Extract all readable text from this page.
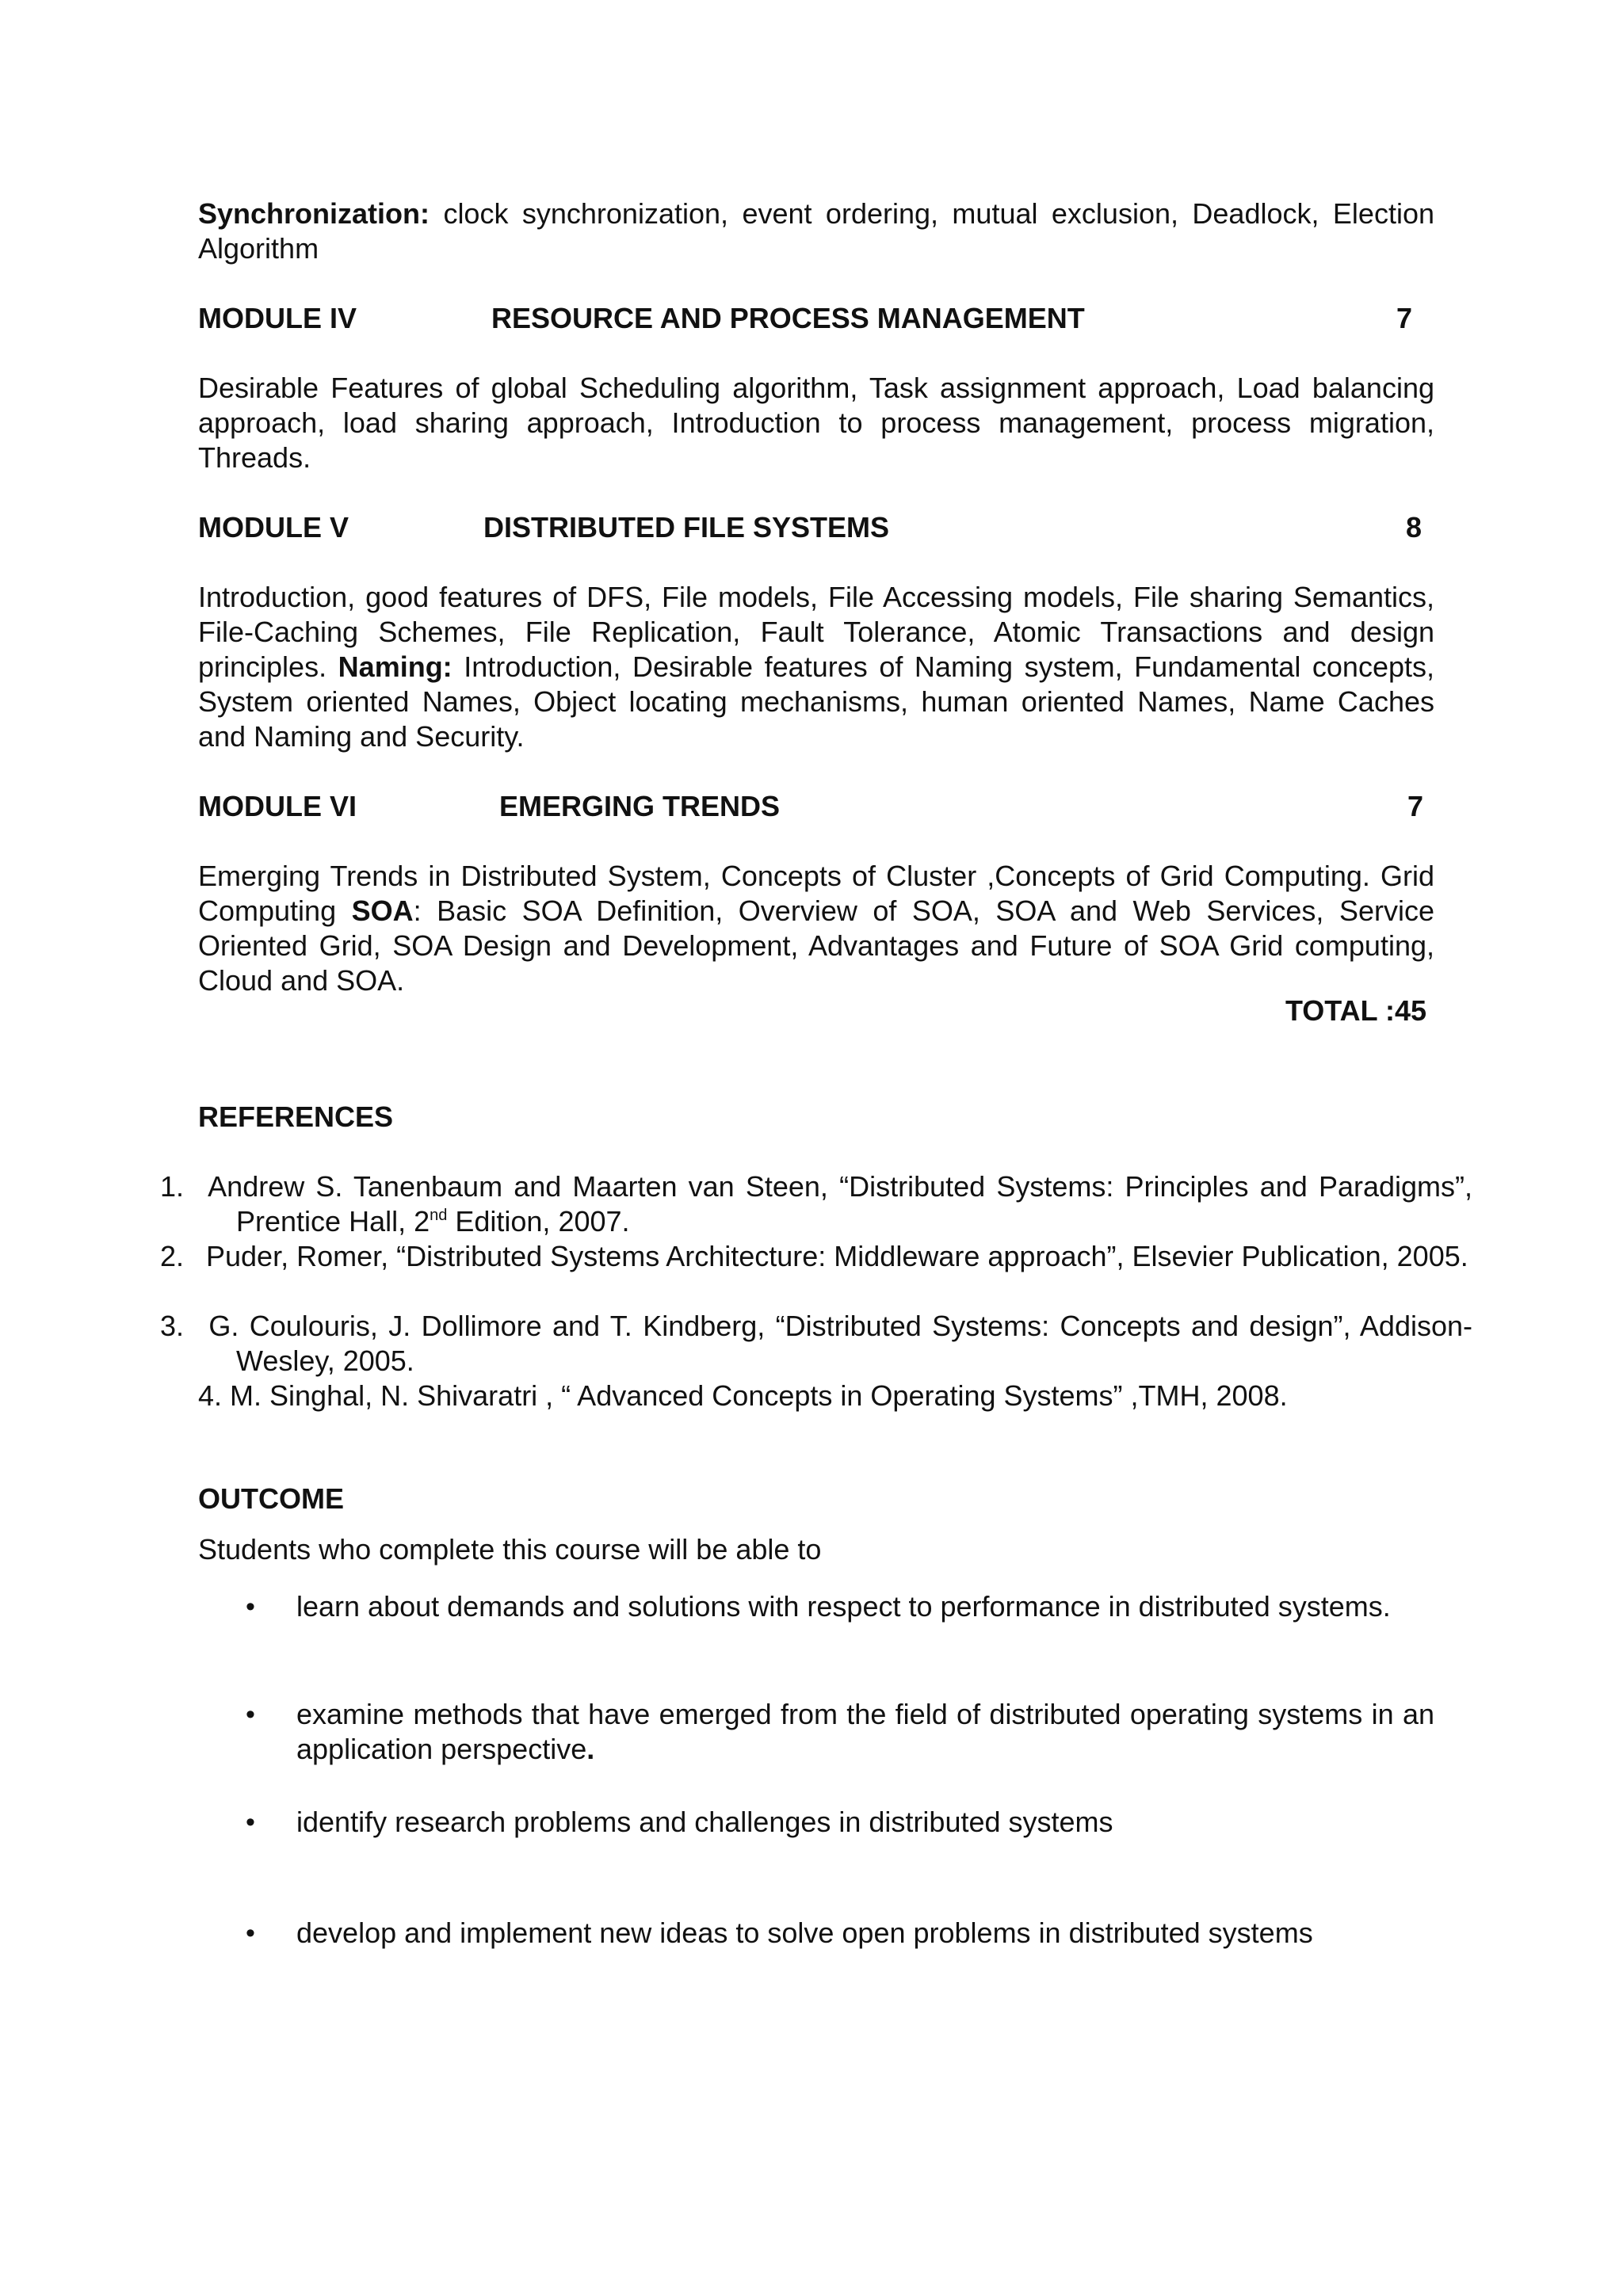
Synchronization: clock synchronization, event ordering, mutual exclusion, Deadlock, Election Algorithm

MODULE IV	RESOURCE AND PROCESS MANAGEMENT	7

Desirable Features of global Scheduling algorithm, Task assignment approach, Load balancing approach, load sharing approach, Introduction to process management, process migration, Threads.

MODULE V	DISTRIBUTED FILE SYSTEMS	8

Introduction, good features of DFS, File models, File Accessing models, File sharing Semantics, File-Caching Schemes, File Replication, Fault Tolerance, Atomic Transactions and design principles. Naming: Introduction, Desirable features of Naming system, Fundamental concepts, System oriented Names, Object locating mechanisms, human oriented Names, Name Caches and Naming and Security.

MODULE VI	EMERGING TRENDS	7

Emerging Trends in Distributed System, Concepts of Cluster ,Concepts of Grid Computing. Grid Computing SOA: Basic SOA Definition, Overview of SOA, SOA and Web Services, Service Oriented Grid, SOA Design and Development, Advantages and Future of SOA Grid computing, Cloud and SOA.

TOTAL :45
REFERENCES

1. Andrew S. Tanenbaum and Maarten van Steen, “Distributed Systems: Principles and Paradigms”, Prentice Hall, 2nd Edition, 2007.

2. Puder, Romer, “Distributed Systems Architecture: Middleware approach”, Elsevier Publication, 2005.

3. G. Coulouris, J. Dollimore and T. Kindberg, “Distributed Systems: Concepts and design”, Addison-Wesley, 2005.

4. M. Singhal, N. Shivaratri , “ Advanced Concepts in Operating Systems” ,TMH, 2008.

OUTCOME
Students who complete this course will be able to
•	learn about demands and solutions with respect to performance in distributed systems.

•	examine methods that have emerged from the field of distributed operating systems in an application perspective.

•	identify research problems and challenges in distributed systems

•	develop and implement new ideas to solve open problems in distributed systems
